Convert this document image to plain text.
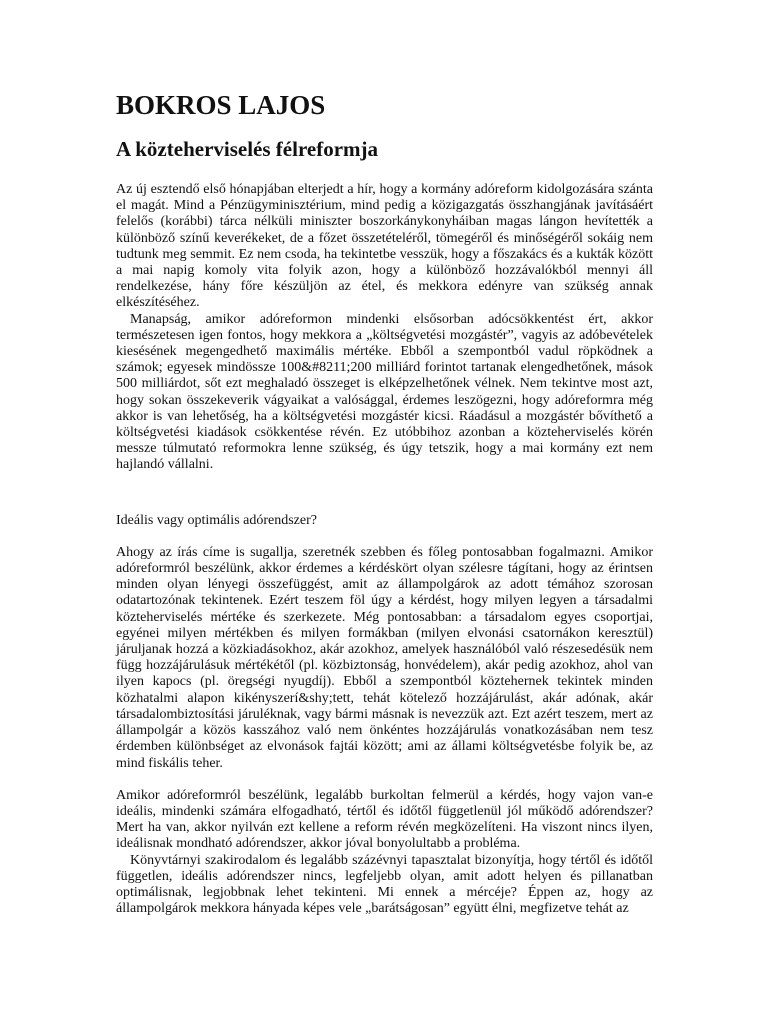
BOKROS LAJOS
A közteherviselés félreformja

Az új esztendő első hónapjában elterjedt a hír, hogy a kormány adóreform kidolgozására szánta el magát. Mind a Pénzügyminisztérium, mind pedig a közigazgatás összhangjának javításáért felelős (korábbi) tárca nélküli miniszter boszorkánykonyháiban magas lángon hevítették a különböző színű keverékeket, de a főzet összetételéről, tömegéről és minőségéről sokáig nem tudtunk meg semmit. Ez nem csoda, ha tekintetbe vesszük, hogy a főszakács és a kukták között a mai napig komoly vita folyik azon, hogy a különböző hozzávalókból mennyi áll rendelkezése, hány főre készüljön az étel, és mekkora edényre van szükség annak elkészítéséhez.

Manapság, amikor adóreformon mindenki elsősorban adócsökkentést ért, akkor természetesen igen fontos, hogy mekkora a „költségvetési mozgástér”, vagyis az adóbevételek kiesésének megengedhető maximális mértéke. Ebből a szempontból vadul röpködnek a számok; egyesek mindössze 100&#8211;200 milliárd forintot tartanak elengedhetőnek, mások 500 milliárdot, sőt ezt meghaladó összeget is elképzelhetőnek vélnek. Nem tekintve most azt, hogy sokan összekeverik vágyaikat a valósággal, érdemes leszögezni, hogy adóreformra még akkor is van lehetőség, ha a költségvetési mozgástér kicsi. Ráadásul a mozgástér bővíthető a költségvetési kiadások csökkentése révén. Ez utóbbihoz azonban a közteherviselés körén messze túlmutató reformokra lenne szükség, és úgy tetszik, hogy a mai kormány ezt nem hajlandó vállalni.

Ideális vagy optimális adórendszer?

Ahogy az írás címe is sugallja, szeretnék szebben és főleg pontosabban fogalmazni. Amikor adóreformról beszélünk, akkor érdemes a kérdéskört olyan szélesre tágítani, hogy az érintsen minden olyan lényegi összefüggést, amit az állampolgárok az adott témához szorosan odatartozónak tekintenek. Ezért teszem föl úgy a kérdést, hogy milyen legyen a társadalmi közteherviselés mértéke és szerkezete. Még pontosabban: a társadalom egyes csoportjai, egyénei milyen mértékben és milyen formákban (milyen elvonási csatornákon keresztül) járuljanak hozzá a közkiadásokhoz, akár azokhoz, amelyek használóból való részesedésük nem függ hozzájárulásuk mértékétől (pl. közbiztonság, honvédelem), akár pedig azokhoz, ahol van ilyen kapocs (pl. öregségi nyugdíj). Ebből a szempontból köztehernek tekintek minden közhatalmi alapon kikényszerí&shy;tett, tehát kötelező hozzájárulást, akár adónak, akár társadalombiztosítási járuléknak, vagy bármi másnak is nevezzük azt. Ezt azért teszem, mert az állampolgár a közös kasszához való nem önkéntes hozzájárulás vonatkozásában nem tesz érdemben különbséget az elvonások fajtái között; ami az állami költségvetésbe folyik be, az mind fiskális teher.

Amikor adóreformról beszélünk, legalább burkoltan felmerül a kérdés, hogy vajon van-e ideális, mindenki számára elfogadható, tértől és időtől függetlenül jól működő adórendszer? Mert ha van, akkor nyilván ezt kellene a reform révén megközelíteni. Ha viszont nincs ilyen, ideálisnak mondható adórendszer, akkor jóval bonyolultabb a probléma.

Könyvtárnyi szakirodalom és legalább százévnyi tapasztalat bizonyítja, hogy tértől és időtől független, ideális adórendszer nincs, legfeljebb olyan, amit adott helyen és pillanatban optimálisnak, legjobbnak lehet tekinteni. Mi ennek a mércéje? Éppen az, hogy az állampolgárok mekkora hányada képes vele „barátságosan” együtt élni, megfizetve tehát az
